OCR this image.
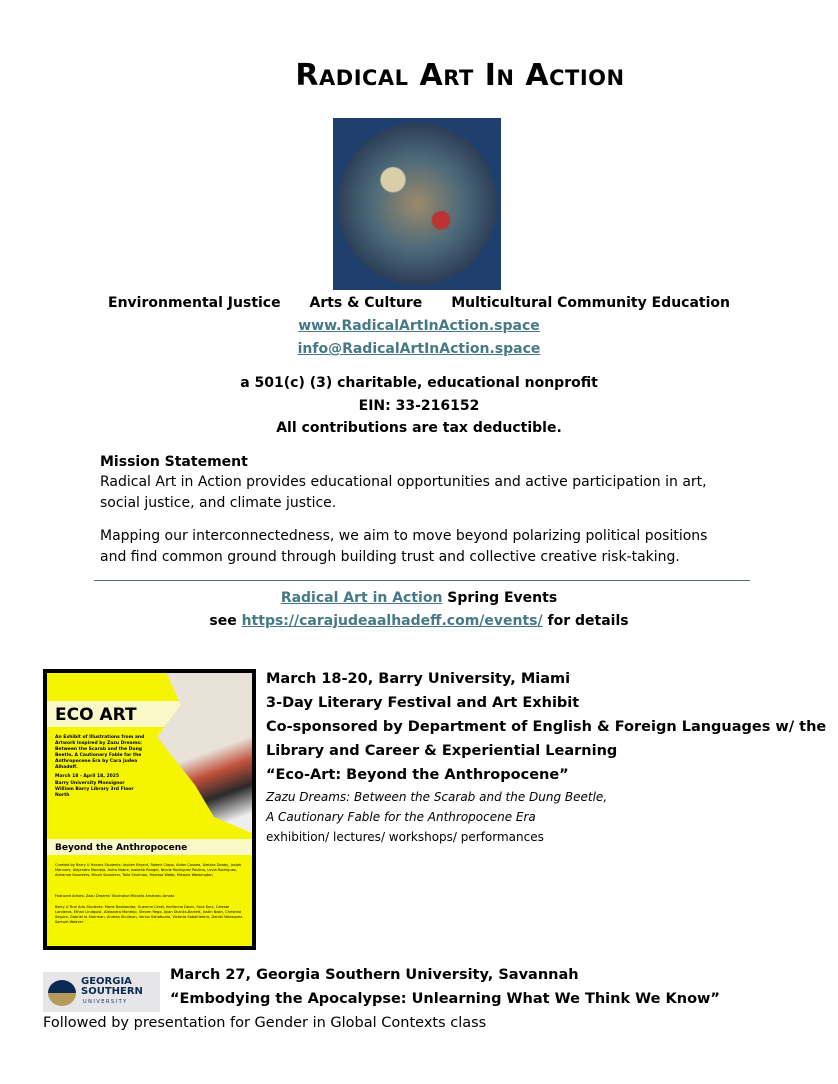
Radical Art In Action
Environmental Justice Arts & Culture Multicultural Community Education
www.RadicalArtInAction.space
info@RadicalArtInAction.space
a 501(c) (3) charitable, educational nonprofit
EIN: 33-216152
All contributions are tax deductible.
Mission Statement
Radical Art in Action provides educational opportunities and active participation in art, social justice, and climate justice.
Mapping our interconnectedness, we aim to move beyond polarizing political positions and find common ground through building trust and collective creative risk-taking.
Radical Art in Action Spring Events
see https://carajudeaalhadeff.com/events/ for details
ECO ART
An Exhibit of Illustrations from and Artwork Inspired by Zazu Dreams: Between the Scarab and the Dung Beetle, A Cautionary Fable for the Anthropocene Era by Cara Judea Alhadeff.
March 18 - April 18, 2025
Barry University Monsignor William Barry Library 3rd Floor North
Beyond the Anthropocene
Curated by Barry U Honors Students: Jayden Bryant, Robert Clapp, Aidan Cossea, Aleisha Dooby, Josiah Manners, Alejandro Montejo, Anita Nobre, Isabella Rangel, Nicole Rodriguez Paulino, Urvia Rodriguez, Adrianne Saunders, Micah Saunders, Talia Shulman, Marissa Webb, Mikayla Washington
Featured Artists: Zazu Dreams' Illustrator Micaela Amateau Amato
Barry U Fine Arts Students: Marie Bastiandar, Guerena Cerat, Kerlianne Davis, Sara Kurz, Celeste Landeros, Ethan Lindquist, Alejandro Montejo, Steven Rego, Ayan Shanks-Barrett, Justin Nash, Christina Segura, Gabriel la Sherman, Andrea Shulman, Venus Sahabuaro, Victoria Sabahiberra, Daniel Velazquez, Samuel Weaver
March 18-20, Barry University, Miami
3-Day Literary Festival and Art Exhibit
Co-sponsored by Department of English & Foreign Languages w/ the
Library and Career & Experiential Learning
“Eco-Art: Beyond the Anthropocene”
Zazu Dreams: Between the Scarab and the Dung Beetle,
A Cautionary Fable for the Anthropocene Era
exhibition/ lectures/ workshops/ performances
GEORGIA
SOUTHERN
UNIVERSITY
March 27, Georgia Southern University, Savannah
“Embodying the Apocalypse: Unlearning What We Think We Know”
Followed by presentation for Gender in Global Contexts class
